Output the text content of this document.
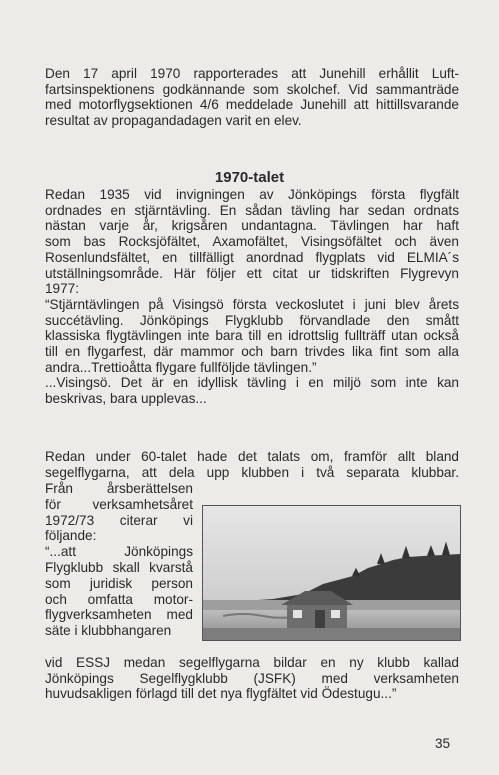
Den 17 april 1970 rapporterades att Junehill erhållit Luft-
fartsinspektionens godkännande som skolchef. Vid sammanträde
med motorflygsektionen 4/6 meddelade Junehill att hittillsvarande
resultat av propagandadagen varit en elev.
1970-talet
Redan 1935 vid invigningen av Jönköpings första flygfält
ordnades en stjärntävling. En sådan tävling har sedan ordnats
nästan varje år, krigsåren undantagna. Tävlingen har haft
som bas Rocksjöfältet, Axamofältet, Visingsöfältet och även
Rosenlundsfältet, en tillfälligt anordnad flygplats vid ELMIA´s
utställningsområde. Här följer ett citat ur tidskriften Flygrevyn
1977:
“Stjärntävlingen på Visingsö första veckoslutet i juni blev årets
succétävling. Jönköpings Flygklubb förvandlade den smått
klassiska flygtävlingen inte bara till en idrottslig fullträff utan också
till en flygarfest, där mammor och barn trivdes lika fint som alla
andra...Trettioåtta flygare fullföljde tävlingen.”
...Visingsö. Det är en idyllisk tävling i en miljö som inte kan
beskrivas, bara upplevas...
Redan under 60-talet hade det talats om, framför allt bland
segelflygarna, att dela upp klubben i två separata klubbar.
Från årsberättelsen
för verksamhetsåret
1972/73 citerar vi
följande:
“...att Jönköpings
Flygklubb skall kvarstå
som juridisk person
och omfatta motor-
flygverksamheten med
säte i klubbhangaren
vid ESSJ medan segelflygarna bildar en ny klubb kallad
Jönköpings Segelflygklubb (JSFK) med verksamheten
huvudsakligen förlagd till det nya flygfältet vid Ödestugu...”
35
